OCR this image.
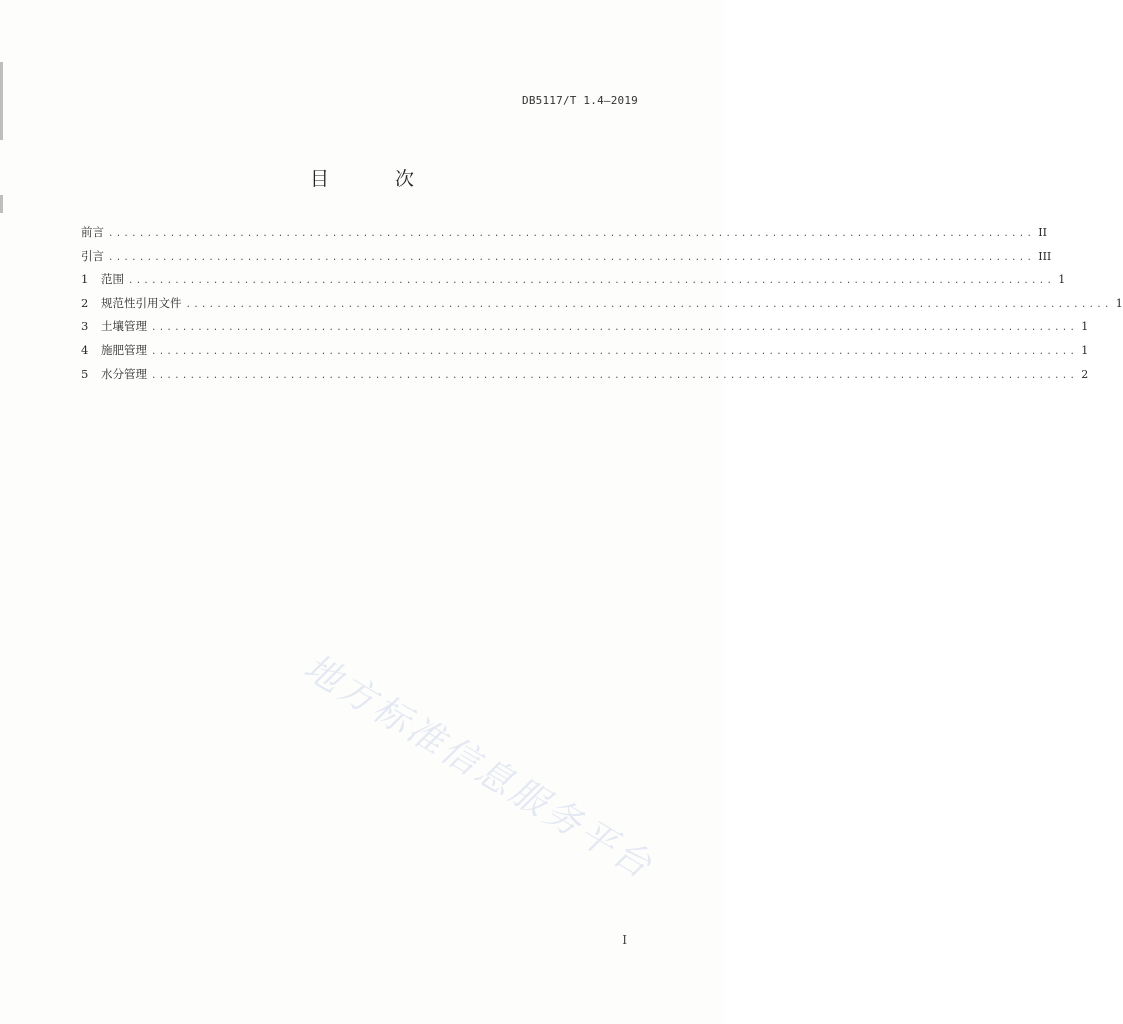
DB5117/T 1.4—2019
目 次
前言 ........................................................................................................................ II
引言 ........................................................................................................................ III
1	范围 ........................................................................................................................ 1
2	规范性引用文件 ........................................................................................................................ 1
3	土壤管理 ........................................................................................................................ 1
4	施肥管理 ........................................................................................................................ 1
5	水分管理 ........................................................................................................................ 2
地方标准信息服务平台
I
